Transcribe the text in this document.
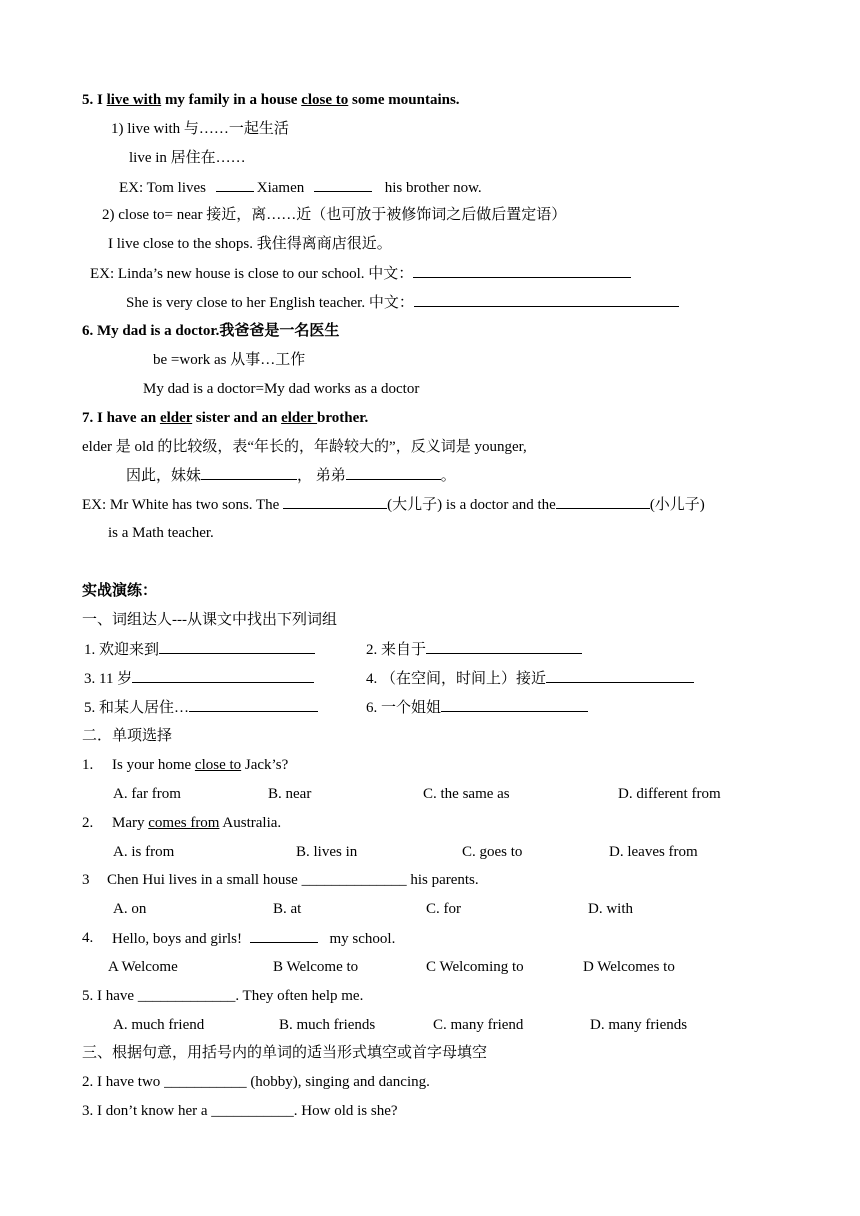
5. I live with my family in a house close to some mountains.
1) live with 与……一起生活
live in 居住在……
EX: Tom lives	Xiamen	his brother now.
2) close to= near 接近，离……近（也可放于被修饰词之后做后置定语）
I live close to the shops. 我住得离商店很近。
EX: Linda’s new house is close to our school. 中文：
She is very close to her English teacher. 中文：
6. My dad is a doctor.我爸爸是一名医生
be =work as 从事…工作
My dad is a doctor=My dad works as a doctor
7. I have an elder sister and an elder brother.
elder 是 old 的比较级，表“年长的，年龄较大的”，反义词是 younger,
因此，妹妹	， 弟弟	。
EX: Mr White has two sons. The	(大儿子) is a doctor and the	(小儿子)
is a Math teacher.
实战演练：
一、词组达人---从课文中找出下列词组
1. 欢迎来到	2. 来自于
3. 11 岁	4. （在空间，时间上）接近
5. 和某人居住…	6. 一个姐姐
二．单项选择
1. Is your home close to Jack’s?
A. far from	B. near	C. the same as	D. different from
2. Mary comes from Australia.
A. is from	B. lives in	C. goes to	D. leaves from
3 Chen Hui lives in a small house ______________ his parents.
A. on	B. at	C. for	D. with
4. Hello, boys and girls!	my school.
A Welcome	B Welcome to	C Welcoming to	D Welcomes to
5. I have _____________. They often help me.
A. much friend	B. much friends	C. many friend	D. many friends
三、根据句意，用括号内的单词的适当形式填空或首字母填空
2. I have two ___________ (hobby), singing and dancing.
3. I don’t know her a ___________. How old is she?
